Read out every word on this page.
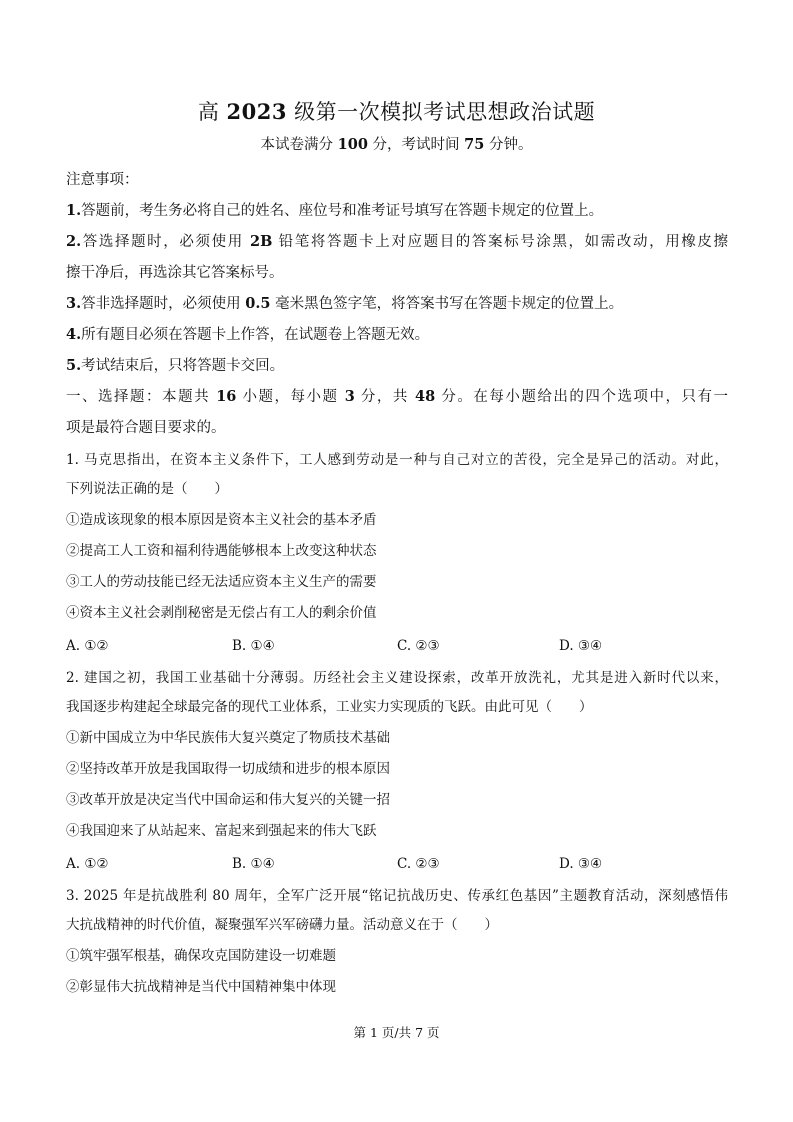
高 2023 级第一次模拟考试思想政治试题
本试卷满分 100 分，考试时间 75 分钟。
注意事项：
1.答题前，考生务必将自己的姓名、座位号和准考证号填写在答题卡规定的位置上。
2.答选择题时，必须使用 2B 铅笔将答题卡上对应题目的答案标号涂黑，如需改动，用橡皮擦
擦干净后，再选涂其它答案标号。
3.答非选择题时，必须使用 0.5 毫米黑色签字笔，将答案书写在答题卡规定的位置上。
4.所有题目必须在答题卡上作答，在试题卷上答题无效。
5.考试结束后，只将答题卡交回。
一、选择题：本题共 16 小题，每小题 3 分，共 48 分。在每小题给出的四个选项中，只有一
项是最符合题目要求的。
1. 马克思指出，在资本主义条件下，工人感到劳动是一种与自己对立的苦役，完全是异己的活动。对此，
下列说法正确的是（　　）
①造成该现象的根本原因是资本主义社会的基本矛盾
②提高工人工资和福利待遇能够根本上改变这种状态
③工人的劳动技能已经无法适应资本主义生产的需要
④资本主义社会剥削秘密是无偿占有工人的剩余价值
A. ①②	B. ①④	C. ②③	D. ③④
2. 建国之初，我国工业基础十分薄弱。历经社会主义建设探索，改革开放洗礼，尤其是进入新时代以来，
我国逐步构建起全球最完备的现代工业体系，工业实力实现质的飞跃。由此可见（　　）
①新中国成立为中华民族伟大复兴奠定了物质技术基础
②坚持改革开放是我国取得一切成绩和进步的根本原因
③改革开放是决定当代中国命运和伟大复兴的关键一招
④我国迎来了从站起来、富起来到强起来的伟大飞跃
A. ①②	B. ①④	C. ②③	D. ③④
3. 2025 年是抗战胜利 80 周年，全军广泛开展“铭记抗战历史、传承红色基因”主题教育活动，深刻感悟伟
大抗战精神的时代价值，凝聚强军兴军磅礴力量。活动意义在于（　　）
①筑牢强军根基，确保攻克国防建设一切难题
②彰显伟大抗战精神是当代中国精神集中体现
第 1 页/共 7 页
